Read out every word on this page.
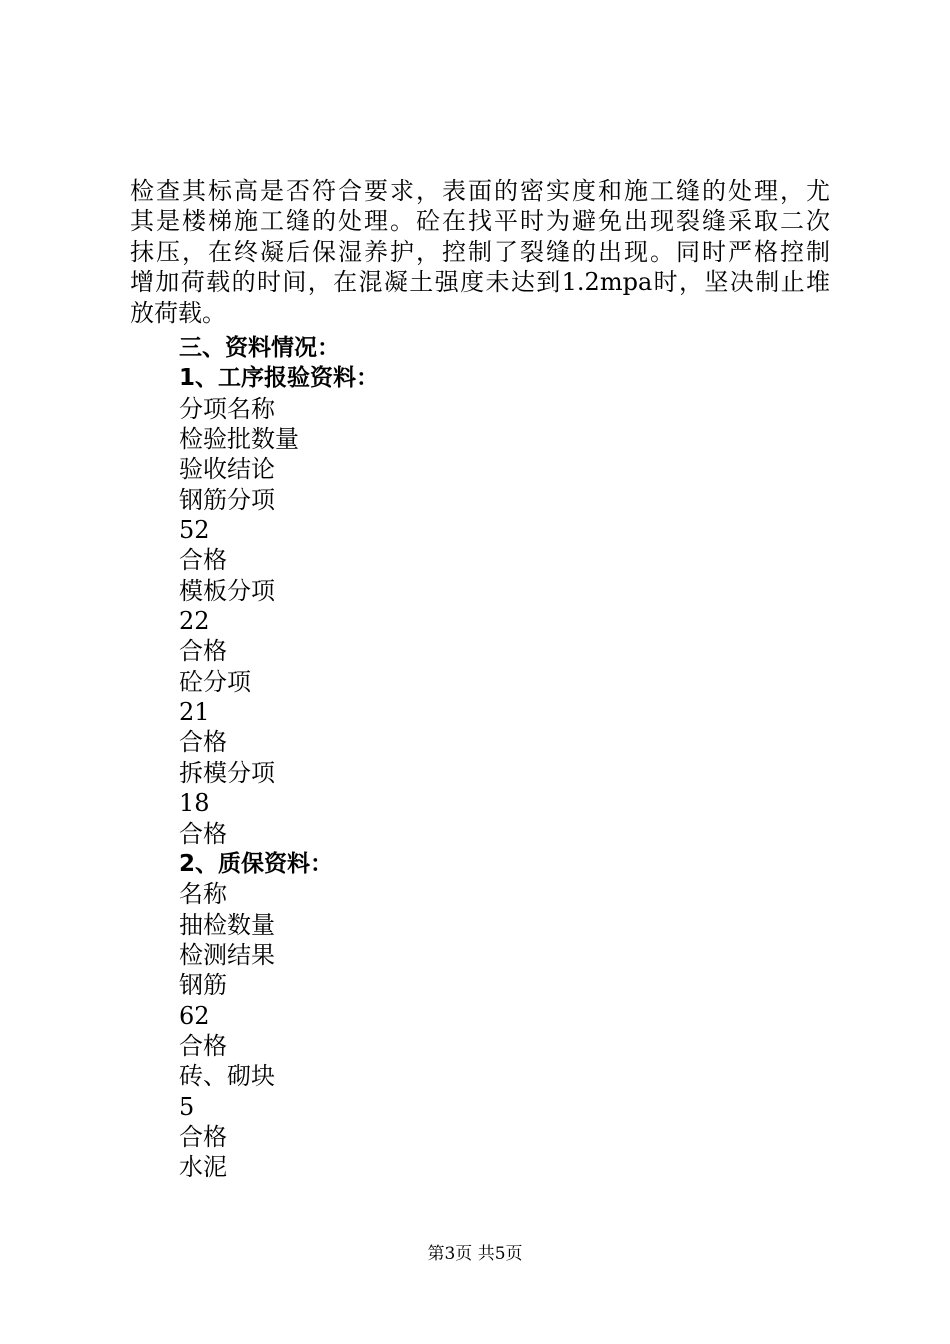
检查其标高是否符合要求，表面的密实度和施工缝的处理，尤
其是楼梯施工缝的处理。砼在找平时为避免出现裂缝采取二次
抹压，在终凝后保湿养护，控制了裂缝的出现。同时严格控制
增加荷载的时间，在混凝土强度未达到1.2mpa时，坚决制止堆
放荷载。
三、资料情况：
1、工序报验资料：
分项名称
检验批数量
验收结论
钢筋分项
52
合格
模板分项
22
合格
砼分项
21
合格
拆模分项
18
合格
2、质保资料：
名称
抽检数量
检测结果
钢筋
62
合格
砖、砌块
5
合格
水泥
第3页 共5页
